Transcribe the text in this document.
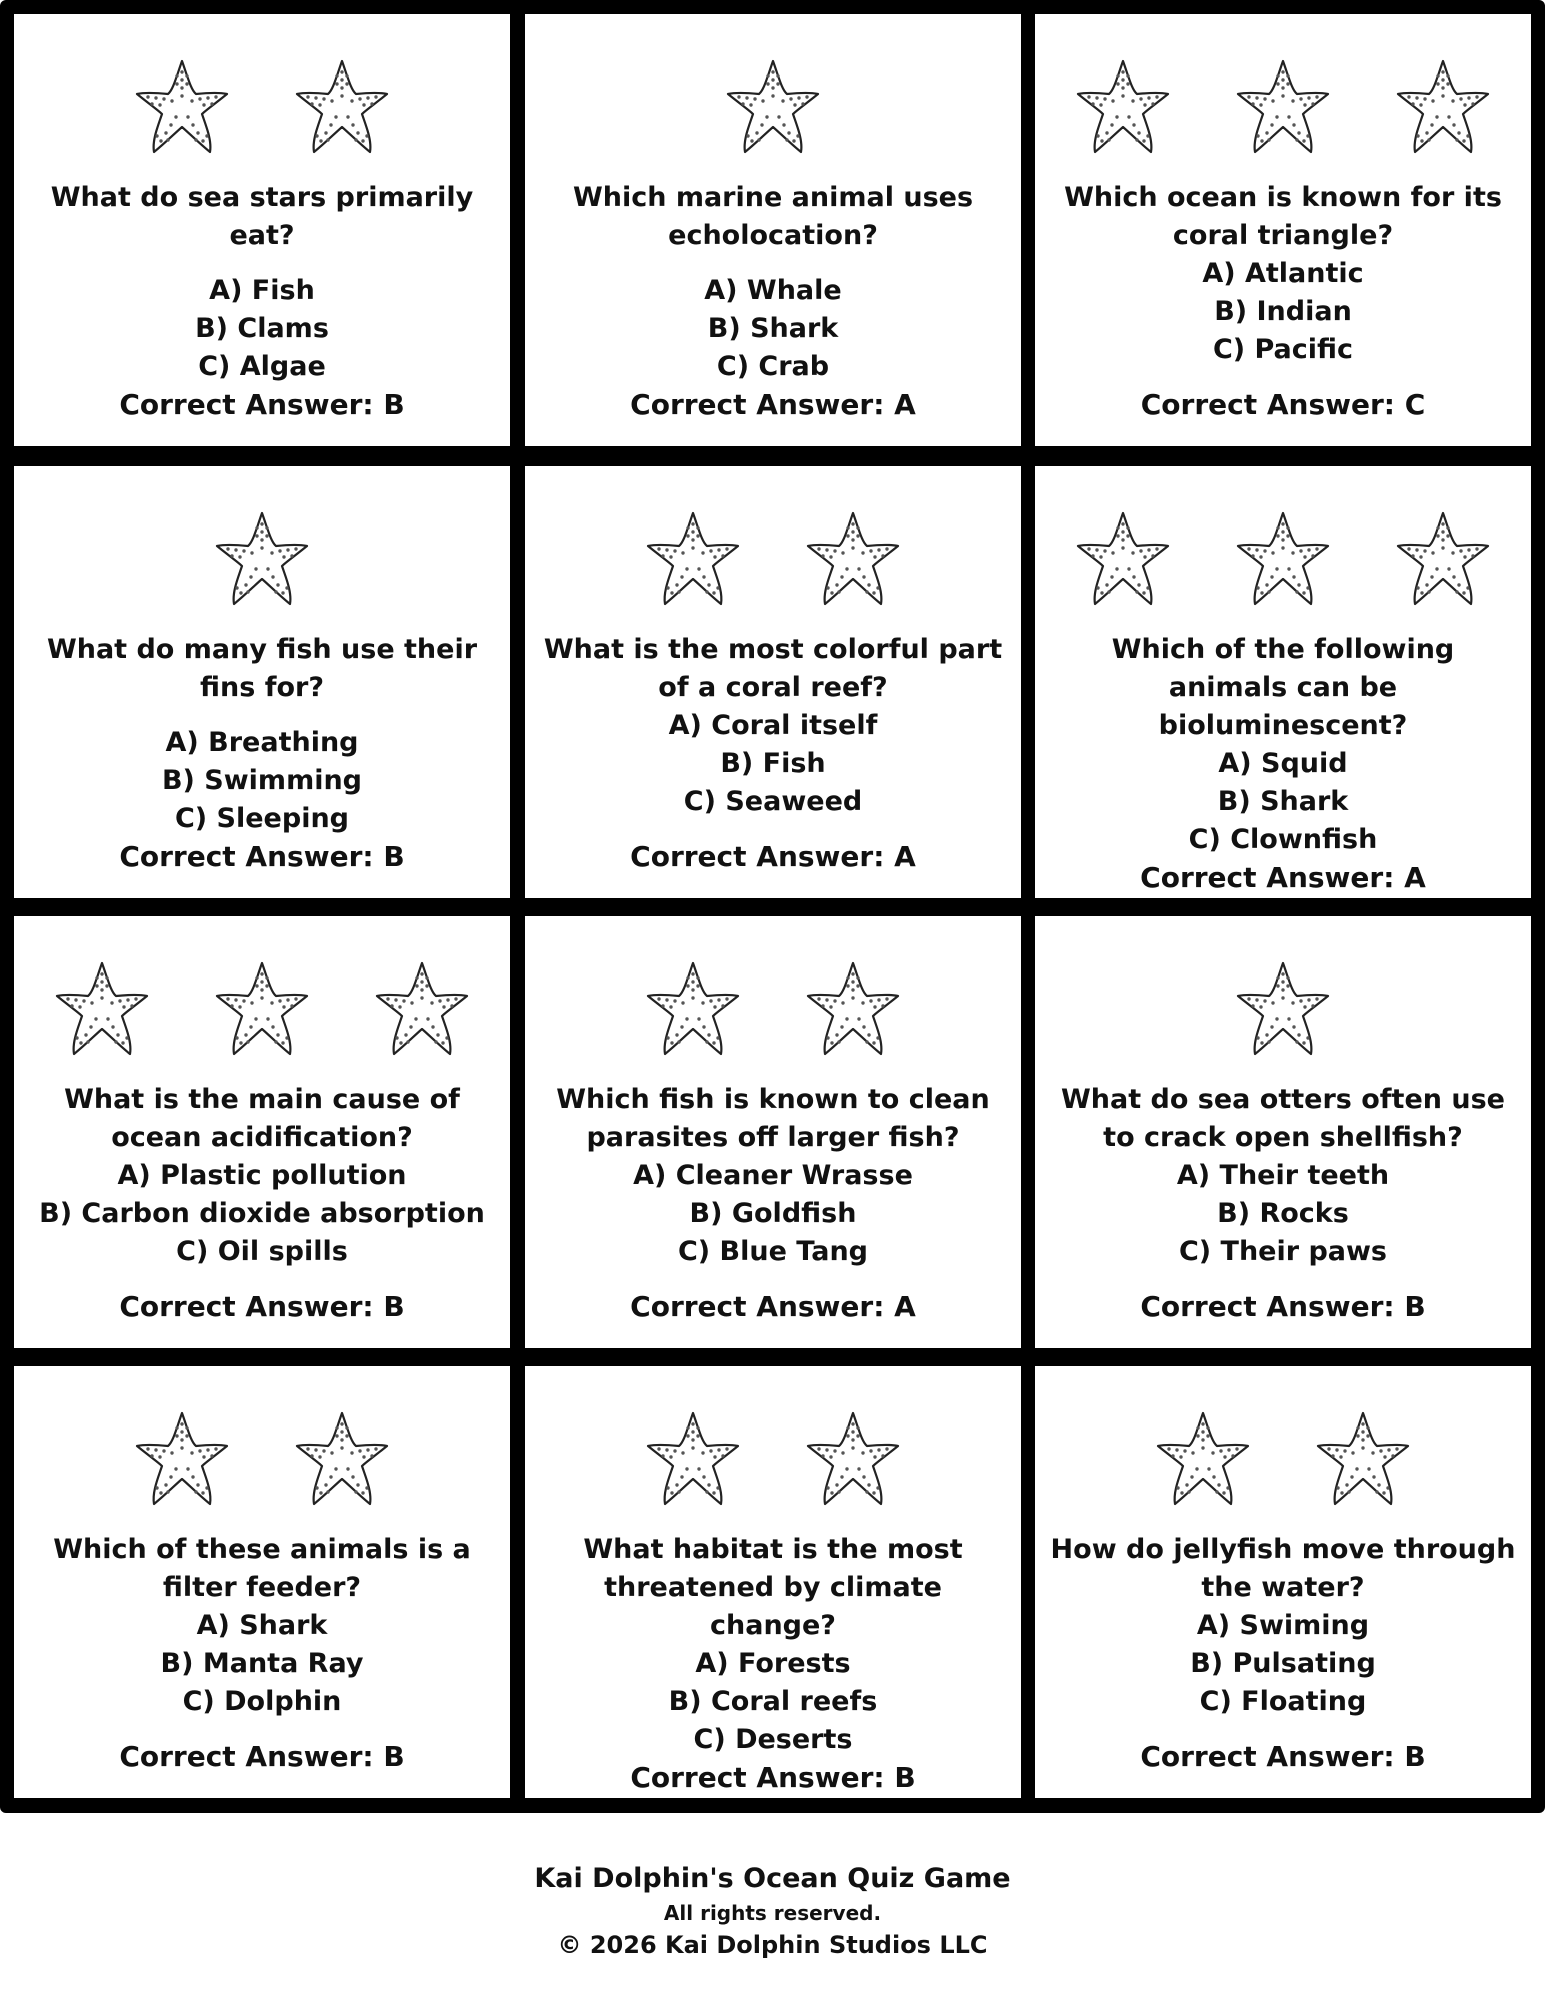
What do sea stars primarily eat?
A) Fish
B) Clams
C) Algae
Correct Answer: B
Which marine animal uses echolocation?
A) Whale
B) Shark
C) Crab
Correct Answer: A
Which ocean is known for its coral triangle?
A) Atlantic
B) Indian
C) Pacific
Correct Answer: C
What do many fish use their fins for?
A) Breathing
B) Swimming
C) Sleeping
Correct Answer: B
What is the most colorful part of a coral reef?
A) Coral itself
B) Fish
C) Seaweed
Correct Answer: A
Which of the following animals can be bioluminescent?
A) Squid
B) Shark
C) Clownfish
Correct Answer: A
What is the main cause of ocean acidification?
A) Plastic pollution
B) Carbon dioxide absorption
C) Oil spills
Correct Answer: B
Which fish is known to clean parasites off larger fish?
A) Cleaner Wrasse
B) Goldfish
C) Blue Tang
Correct Answer: A
What do sea otters often use to crack open shellfish?
A) Their teeth
B) Rocks
C) Their paws
Correct Answer: B
Which of these animals is a filter feeder?
A) Shark
B) Manta Ray
C) Dolphin
Correct Answer: B
What habitat is the most threatened by climate change?
A) Forests
B) Coral reefs
C) Deserts
Correct Answer: B
How do jellyfish move through the water?
A) Swiming
B) Pulsating
C) Floating
Correct Answer: B
Kai Dolphin's Ocean Quiz Game
All rights reserved.
© 2026 Kai Dolphin Studios LLC
